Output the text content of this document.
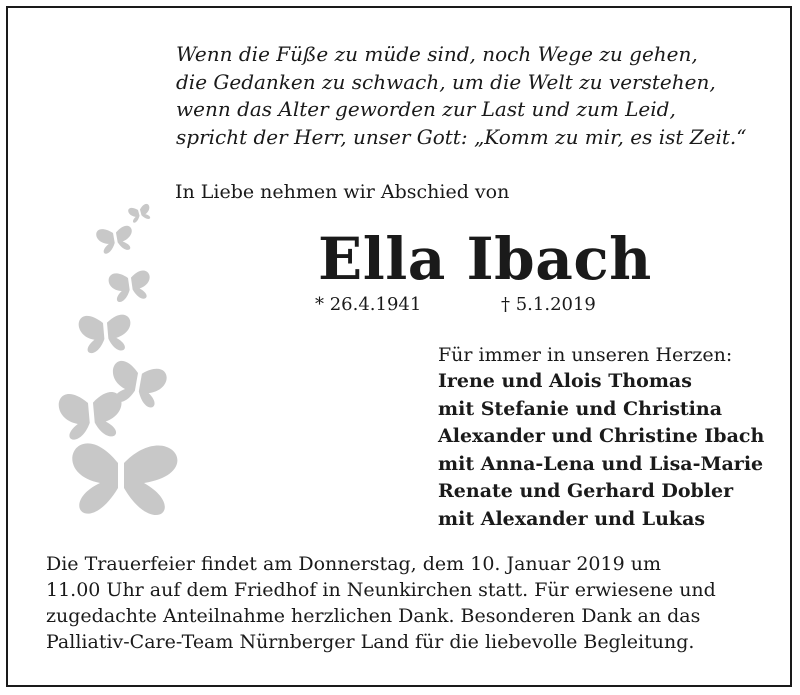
Wenn die Füße zu müde sind, noch Wege zu gehen,
die Gedanken zu schwach, um die Welt zu verstehen,
wenn das Alter geworden zur Last und zum Leid,
spricht der Herr, unser Gott: „Komm zu mir, es ist Zeit.“
In Liebe nehmen wir Abschied von
Ella Ibach
* 26.4.1941	† 5.1.2019
Für immer in unseren Herzen:
Irene und Alois Thomas
mit Stefanie und Christina
Alexander und Christine Ibach
mit Anna-Lena und Lisa-Marie
Renate und Gerhard Dobler
mit Alexander und Lukas
Die Trauerfeier findet am Donnerstag, dem 10. Januar 2019 um
11.00 Uhr auf dem Friedhof in Neunkirchen statt. Für erwiesene und
zugedachte Anteilnahme herzlichen Dank. Besonderen Dank an das
Palliativ-Care-Team Nürnberger Land für die liebevolle Begleitung.
